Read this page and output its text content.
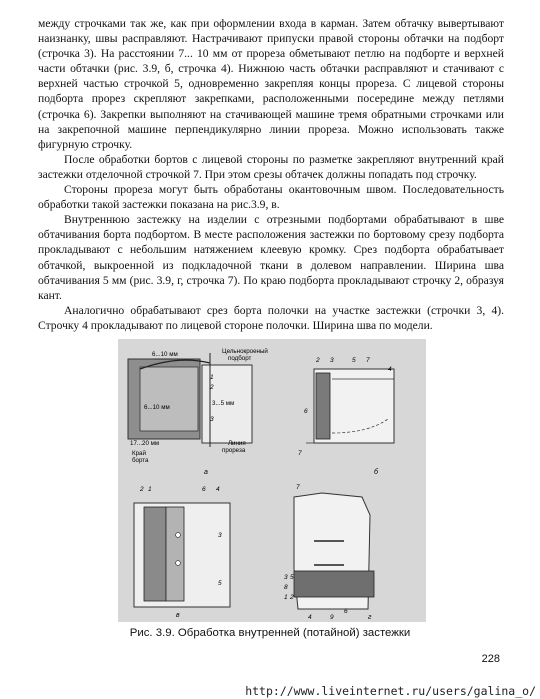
между строчками так же, как при оформлении входа в карман. Затем обтачку вывертывают наизнанку, швы расправляют. Настрачивают припуски правой стороны обтачки на подборт (строчка 3). На расстоянии 7... 10 мм от прореза обметывают петлю на подборте и верхней части обтачки (рис. 3.9, б, строчка 4). Нижнюю часть обтачки расправляют и стачивают с верхней частью строчкой 5, одновременно закрепляя концы прореза. С лицевой стороны подборта прорез скрепляют закрепками, расположенными посередине между петлями (строчка 6). Закрепки выполняют на стачивающей машине тремя обратными строчками или на закрепочной машине перпендикулярно линии прореза. Можно использовать также фигурную строчку.

После обработки бортов с лицевой стороны по разметке закрепляют внутренний край застежки отделочной строчкой 7. При этом срезы обтачек должны попадать под строчку.

Стороны прореза могут быть обработаны окантовочным швом. Последовательность обработки такой застежки показана на рис.3.9, в.

Внутреннюю застежку на изделии с отрезными подбортами обрабатывают в шве обтачивания борта подбортом. В месте расположения застежки по бортовому срезу подборта прокладывают с небольшим натяжением клеевую кромку. Срез подборта обрабатывает обтачкой, выкроенной из подкладочной ткани в долевом направлении. Ширина шва обтачивания 5 мм (рис. 3.9, г, строчка 7). По краю подборта прокладывают строчку 2, образуя кант.

Аналогично обрабатывают срез борта полочки на участке застежки (строчки 3, 4). Строчку 4 прокладывают по лицевой стороне полочки. Ширина шва по модели.

6...10 мм
6...10 мм
3...5 мм
17...20 мм
Цельнокроеный
подборт
Край
борта
Линия
прореза
1
2
3
а
2 3	5 7
4
6
7
б
2 1	6 4
3
5
в
7
3 5
8
1 2
4	9
6
г
Рис. 3.9. Обработка внутренней (потайной) застежки
228
http://www.liveinternet.ru/users/galina_o/
